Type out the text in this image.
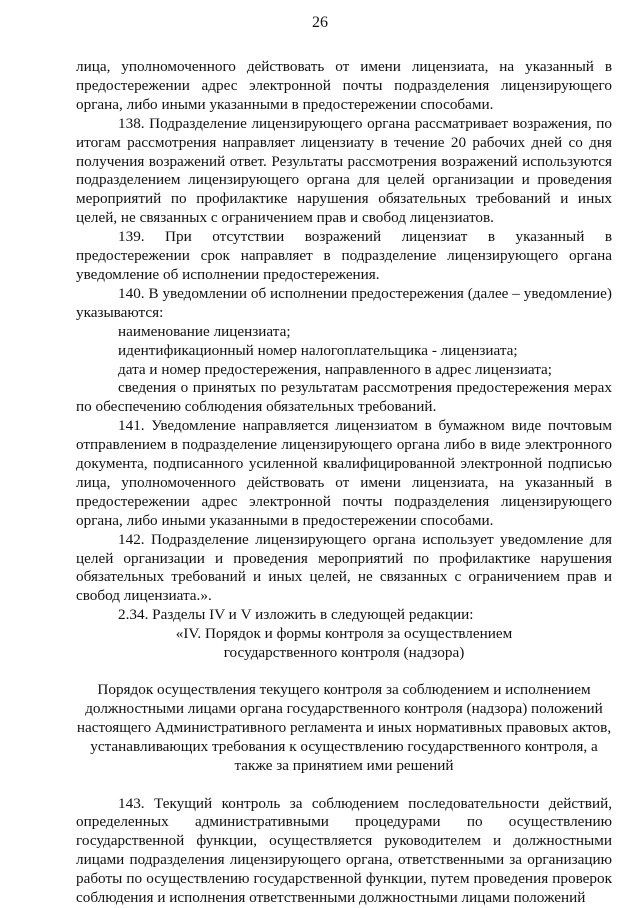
26

лица, уполномоченного действовать от имени лицензиата, на указанный в предостережении адрес электронной почты подразделения лицензирующего органа, либо иными указанными в предостережении способами.

138. Подразделение лицензирующего органа рассматривает возражения, по итогам рассмотрения направляет лицензиату в течение 20 рабочих дней со дня получения возражений ответ. Результаты рассмотрения возражений используются подразделением лицензирующего органа для целей организации и проведения мероприятий по профилактике нарушения обязательных требований и иных целей, не связанных с ограничением прав и свобод лицензиатов.

139. При отсутствии возражений лицензиат в указанный в предостережении срок направляет в подразделение лицензирующего органа уведомление об исполнении предостережения.

140. В уведомлении об исполнении предостережения (далее – уведомление) указываются:

наименование лицензиата;

идентификационный номер налогоплательщика - лицензиата;

дата и номер предостережения, направленного в адрес лицензиата;

сведения о принятых по результатам рассмотрения предостережения мерах по обеспечению соблюдения обязательных требований.

141. Уведомление направляется лицензиатом в бумажном виде почтовым отправлением в подразделение лицензирующего органа либо в виде электронного документа, подписанного усиленной квалифицированной электронной подписью лица, уполномоченного действовать от имени лицензиата, на указанный в предостережении адрес электронной почты подразделения лицензирующего органа, либо иными указанными в предостережении способами.

142. Подразделение лицензирующего органа использует уведомление для целей организации и проведения мероприятий по профилактике нарушения обязательных требований и иных целей, не связанных с ограничением прав и свобод лицензиата.».

2.34. Разделы IV и V изложить в следующей редакции:

«IV. Порядок и формы контроля за осуществлением государственного контроля (надзора)

Порядок осуществления текущего контроля за соблюдением и исполнением должностными лицами органа государственного контроля (надзора) положений настоящего Административного регламента и иных нормативных правовых актов, устанавливающих требования к осуществлению государственного контроля, а также за принятием ими решений

143. Текущий контроль за соблюдением последовательности действий, определенных административными процедурами по осуществлению государственной функции, осуществляется руководителем и должностными лицами подразделения лицензирующего органа, ответственными за организацию работы по осуществлению государственной функции, путем проведения проверок соблюдения и исполнения ответственными должностными лицами положений
